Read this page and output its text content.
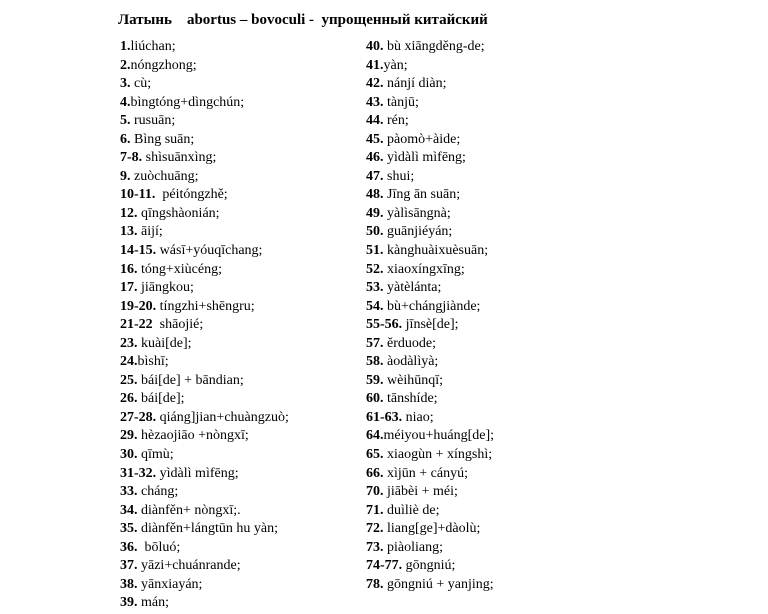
Латынь    abortus – bovoculi -  упрощенный китайский
1.liúchan;
2.nóngzhong;
3. cù;
4.bìngtóng+dìngchún;
5. rusuān;
6. Bìng suān;
7-8. shìsuānxìng;
9. zuòchuāng;
10-11.  péitóngzhě;
12. qīngshàonián;
13. āijí;
14-15. wásī+yóuqīchang;
16. tóng+xiùcéng;
17. jiāngkou;
19-20. tíngzhi+shēngru;
21-22  shāojié;
23. kuài[de];
24.bìshī;
25. bái[de] + bāndian;
26. bái[de];
27-28. qiáng]jian+chuàngzuò;
29. hèzaojiāo +nòngxī;
30. qīmù;
31-32. yìdàlì mìfēng;
33. cháng;
34. diànfěn+ nòngxī;.
35. diànfěn+lángtūn hu yàn;
36.  bōluó;
37. yāzi+chuánrande;
38. yānxiayán;
39. mán;
40. bù xiāngděng-de;
41.yàn;
42. nánjí diàn;
43. tànjū;
44. rén;
45. pàomò+àide;
46. yìdàlì mìfēng;
47. shui;
48. Jīng ān suān;
49. yàlìsāngnà;
50. guānjiéyán;
51. kànghuàixuèsuān;
52. xiaoxíngxīng;
53. yàtèlánta;
54. bù+chángjiànde;
55-56. jīnsè[de];
57. ěrduode;
58. àodàlìyà;
59. wèihūnqī;
60. tānshíde;
61-63. niao;
64.méiyou+huáng[de];
65. xiaogùn + xíngshì;
66. xìjūn + cányú;
70. jiābèi + méi;
71. duìliè de;
72. liang[ge]+dàolù;
73. piàoliang;
74-77. gōngniú;
78. gōngniú + yanjing;
